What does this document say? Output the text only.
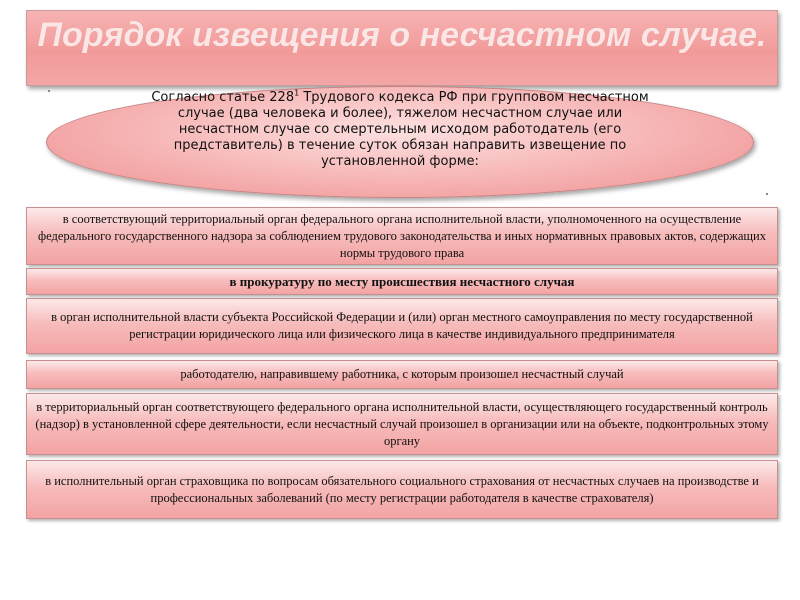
Порядок извещения о несчастном случае.
Согласно статье $228^1$ Трудового кодекса РФ при групповом несчастном случае (два человека и более), тяжелом несчастном случае или несчастном случае со смертельным исходом работодатель (его представитель) в течение суток обязан направить извещение по установленной форме:
в соответствующий территориальный орган федерального органа исполнительной власти, уполномоченного на осуществление федерального государственного надзора за соблюдением трудового законодательства и иных нормативных правовых актов, содержащих нормы трудового права
в прокуратуру по месту происшествия несчастного случая
в орган исполнительной власти субъекта Российской Федерации и (или) орган местного самоуправления по месту государственной регистрации юридического лица или физического лица в качестве индивидуального предпринимателя
работодателю, направившему работника, с которым произошел несчастный случай
в территориальный орган соответствующего федерального органа исполнительной власти, осуществляющего государственный контроль (надзор) в установленной сфере деятельности, если несчастный случай произошел в организации или на объекте, подконтрольных этому органу
в исполнительный орган страховщика по вопросам обязательного социального страхования от несчастных случаев на производстве и профессиональных заболеваний (по месту регистрации работодателя в качестве страхователя)
